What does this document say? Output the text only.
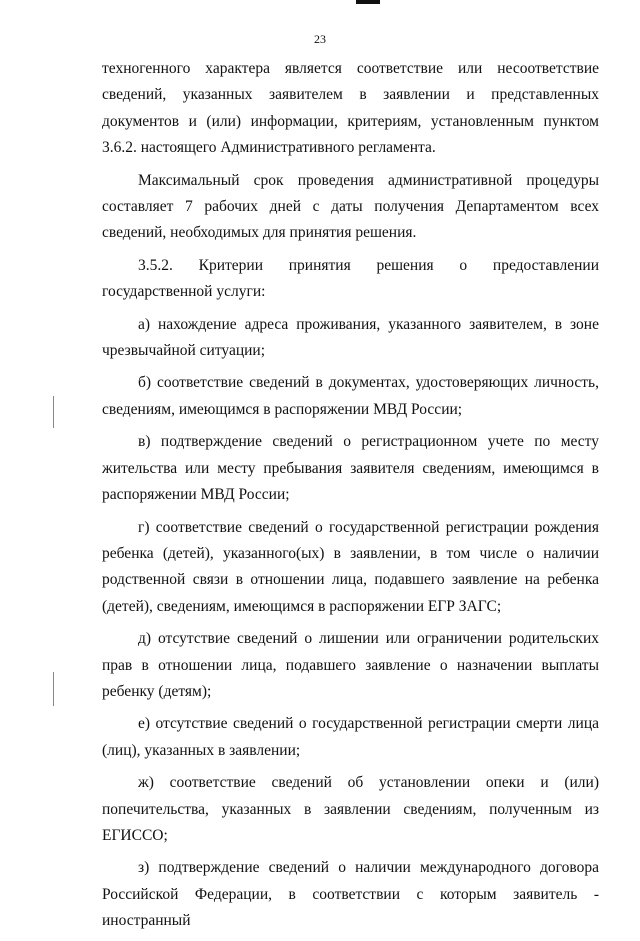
23

техногенного характера является соответствие или несоответствие сведений, указанных заявителем в заявлении и представленных документов и (или) информации, критериям, установленным пунктом 3.6.2. настоящего Административного регламента.

Максимальный срок проведения административной процедуры составляет 7 рабочих дней с даты получения Департаментом всех сведений, необходимых для принятия решения.

3.5.2. Критерии принятия решения о предоставлении государственной услуги:

а) нахождение адреса проживания, указанного заявителем, в зоне чрезвычайной ситуации;

б) соответствие сведений в документах, удостоверяющих личность, сведениям, имеющимся в распоряжении МВД России;

в) подтверждение сведений о регистрационном учете по месту жительства или месту пребывания заявителя сведениям, имеющимся в распоряжении МВД России;

г) соответствие сведений о государственной регистрации рождения ребенка (детей), указанного(ых) в заявлении, в том числе о наличии родственной связи в отношении лица, подавшего заявление на ребенка (детей), сведениям, имеющимся в распоряжении ЕГР ЗАГС;

д) отсутствие сведений о лишении или ограничении родительских прав в отношении лица, подавшего заявление о назначении выплаты ребенку (детям);

е) отсутствие сведений о государственной регистрации смерти лица (лиц), указанных в заявлении;

ж) соответствие сведений об установлении опеки и (или) попечительства, указанных в заявлении сведениям, полученным из ЕГИССО;

з) подтверждение сведений о наличии международного договора Российской Федерации, в соответствии с которым заявитель - иностранный
